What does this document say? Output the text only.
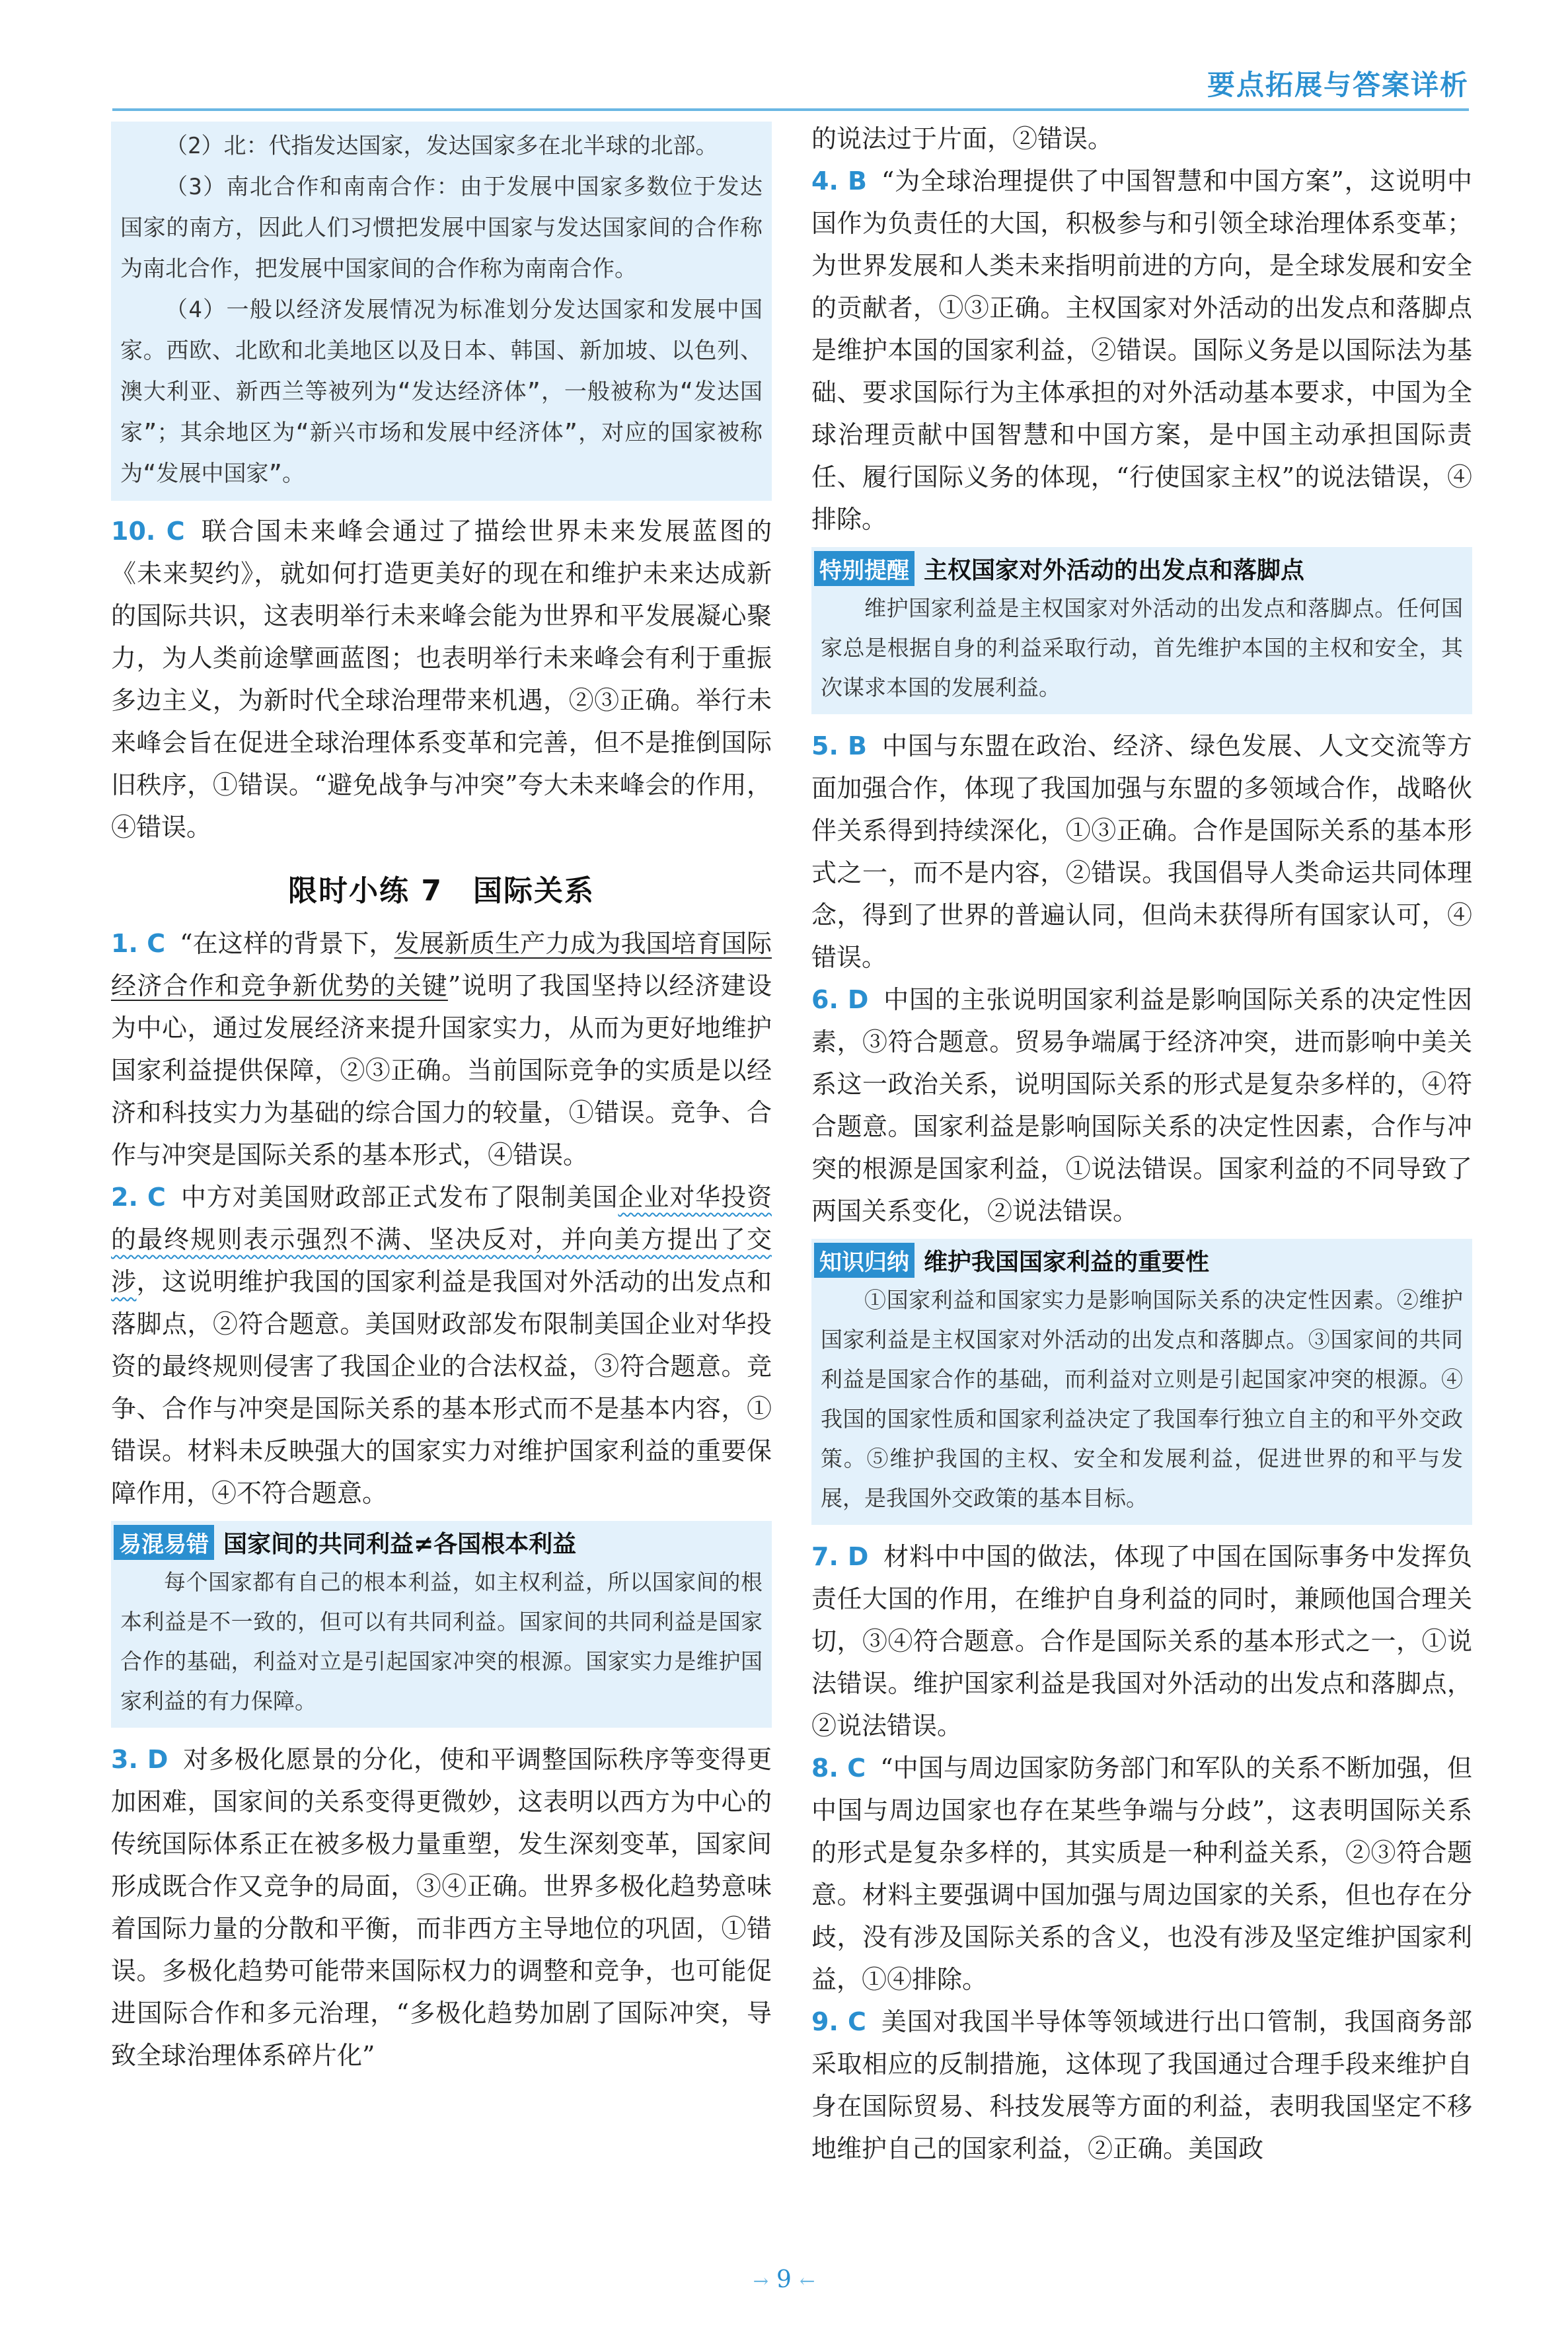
要点拓展与答案详析

（2）北：代指发达国家，发达国家多在北半球的北部。

（3）南北合作和南南合作：由于发展中国家多数位于发达国家的南方，因此人们习惯把发展中国家与发达国家间的合作称为南北合作，把发展中国家间的合作称为南南合作。

（4）一般以经济发展情况为标准划分发达国家和发展中国家。西欧、北欧和北美地区以及日本、韩国、新加坡、以色列、澳大利亚、新西兰等被列为“发达经济体”，一般被称为“发达国家”；其余地区为“新兴市场和发展中经济体”，对应的国家被称为“发展中国家”。

10. C 联合国未来峰会通过了描绘世界未来发展蓝图的《未来契约》，就如何打造更美好的现在和维护未来达成新的国际共识，这表明举行未来峰会能为世界和平发展凝心聚力，为人类前途擘画蓝图；也表明举行未来峰会有利于重振多边主义，为新时代全球治理带来机遇，②③正确。举行未来峰会旨在促进全球治理体系变革和完善，但不是推倒国际旧秩序，①错误。“避免战争与冲突”夸大未来峰会的作用，④错误。

限时小练 7　国际关系

1. C “在这样的背景下，发展新质生产力成为我国培育国际经济合作和竞争新优势的关键”说明了我国坚持以经济建设为中心，通过发展经济来提升国家实力，从而为更好地维护国家利益提供保障，②③正确。当前国际竞争的实质是以经济和科技实力为基础的综合国力的较量，①错误。竞争、合作与冲突是国际关系的基本形式，④错误。

2. C 中方对美国财政部正式发布了限制美国企业对华投资的最终规则表示强烈不满、坚决反对，并向美方提出了交涉，这说明维护我国的国家利益是我国对外活动的出发点和落脚点，②符合题意。美国财政部发布限制美国企业对华投资的最终规则侵害了我国企业的合法权益，③符合题意。竞争、合作与冲突是国际关系的基本形式而不是基本内容，①错误。材料未反映强大的国家实力对维护国家利益的重要保障作用，④不符合题意。

易混易错 国家间的共同利益≠各国根本利益

每个国家都有自己的根本利益，如主权利益，所以国家间的根本利益是不一致的，但可以有共同利益。国家间的共同利益是国家合作的基础，利益对立是引起国家冲突的根源。国家实力是维护国家利益的有力保障。

3. D 对多极化愿景的分化，使和平调整国际秩序等变得更加困难，国家间的关系变得更微妙，这表明以西方为中心的传统国际体系正在被多极力量重塑，发生深刻变革，国家间形成既合作又竞争的局面，③④正确。世界多极化趋势意味着国际力量的分散和平衡，而非西方主导地位的巩固，①错误。多极化趋势可能带来国际权力的调整和竞争，也可能促进国际合作和多元治理，“多极化趋势加剧了国际冲突，导致全球治理体系碎片化”

的说法过于片面，②错误。

4. B “为全球治理提供了中国智慧和中国方案”，这说明中国作为负责任的大国，积极参与和引领全球治理体系变革；为世界发展和人类未来指明前进的方向，是全球发展和安全的贡献者，①③正确。主权国家对外活动的出发点和落脚点是维护本国的国家利益，②错误。国际义务是以国际法为基础、要求国际行为主体承担的对外活动基本要求，中国为全球治理贡献中国智慧和中国方案，是中国主动承担国际责任、履行国际义务的体现，“行使国家主权”的说法错误，④排除。

特别提醒 主权国家对外活动的出发点和落脚点

维护国家利益是主权国家对外活动的出发点和落脚点。任何国家总是根据自身的利益采取行动，首先维护本国的主权和安全，其次谋求本国的发展利益。

5. B 中国与东盟在政治、经济、绿色发展、人文交流等方面加强合作，体现了我国加强与东盟的多领域合作，战略伙伴关系得到持续深化，①③正确。合作是国际关系的基本形式之一，而不是内容，②错误。我国倡导人类命运共同体理念，得到了世界的普遍认同，但尚未获得所有国家认可，④错误。

6. D 中国的主张说明国家利益是影响国际关系的决定性因素，③符合题意。贸易争端属于经济冲突，进而影响中美关系这一政治关系，说明国际关系的形式是复杂多样的，④符合题意。国家利益是影响国际关系的决定性因素，合作与冲突的根源是国家利益，①说法错误。国家利益的不同导致了两国关系变化，②说法错误。

知识归纳 维护我国国家利益的重要性

①国家利益和国家实力是影响国际关系的决定性因素。②维护国家利益是主权国家对外活动的出发点和落脚点。③国家间的共同利益是国家合作的基础，而利益对立则是引起国家冲突的根源。④我国的国家性质和国家利益决定了我国奉行独立自主的和平外交政策。⑤维护我国的主权、安全和发展利益，促进世界的和平与发展，是我国外交政策的基本目标。

7. D 材料中中国的做法，体现了中国在国际事务中发挥负责任大国的作用，在维护自身利益的同时，兼顾他国合理关切，③④符合题意。合作是国际关系的基本形式之一，①说法错误。维护国家利益是我国对外活动的出发点和落脚点，②说法错误。

8. C “中国与周边国家防务部门和军队的关系不断加强，但中国与周边国家也存在某些争端与分歧”，这表明国际关系的形式是复杂多样的，其实质是一种利益关系，②③符合题意。材料主要强调中国加强与周边国家的关系，但也存在分歧，没有涉及国际关系的含义，也没有涉及坚定维护国家利益，①④排除。

9. C 美国对我国半导体等领域进行出口管制，我国商务部采取相应的反制措施，这体现了我国通过合理手段来维护自身在国际贸易、科技发展等方面的利益，表明我国坚定不移地维护自己的国家利益，②正确。美国政

→ 9 ←
